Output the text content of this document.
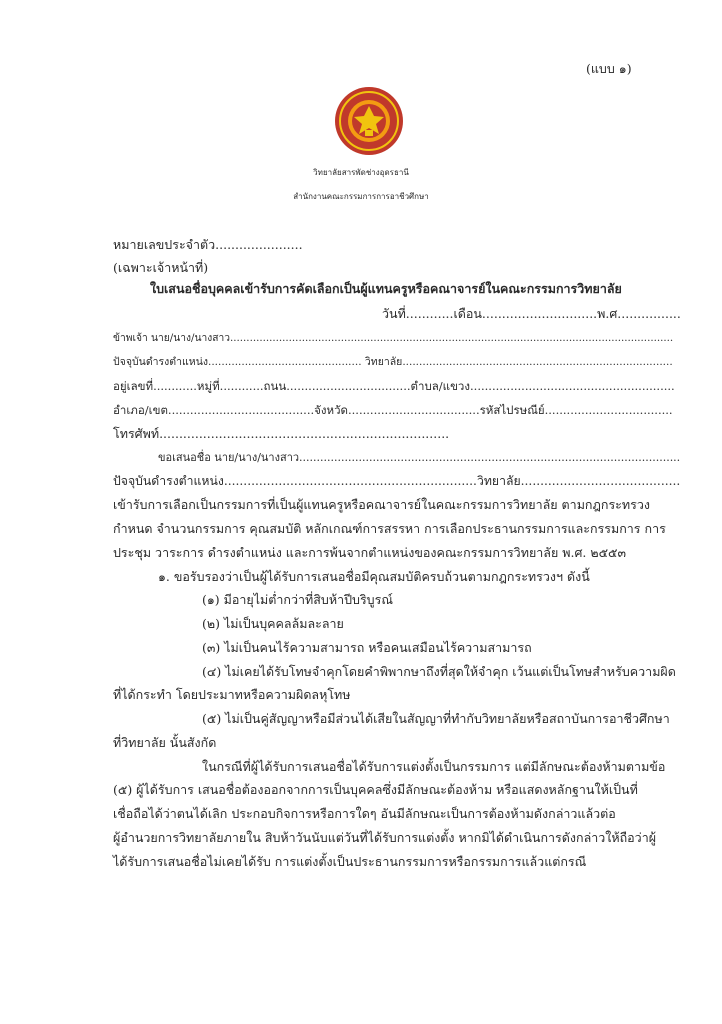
(แบบ ๑)
วิทยาลัยสารพัดช่างอุดรธานี
สำนักงานคณะกรรมการการอาชีวศึกษา
หมายเลขประจำตัว......................
(เฉพาะเจ้าหน้าที่)
ใบเสนอชื่อบุคคลเข้ารับการคัดเลือกเป็นผู้แทนครูหรือคณาจารย์ในคณะกรรมการวิทยาลัย
วันที่............เดือน.............................พ.ศ................
ข้าพเจ้า นาย/นาง/นางสาว........................................................................................................................................
ปัจจุบันดำรงตำแหน่ง.............................................. วิทยาลัย.................................................................................
อยู่เลขที่............หมู่ที่............ถนน..................................ตำบล/แขวง........................................................
อำเภอ/เขต........................................จังหวัด....................................รหัสไปรษณีย์...................................
โทรศัพท์.........................................................................
ขอเสนอชื่อ นาย/นาง/นางสาว.............................................................................................................
ปัจจุบันดำรงตำแหน่ง.................................................................วิทยาลัย.........................................
เข้ารับการเลือกเป็นกรรมการที่เป็นผู้แทนครูหรือคณาจารย์ในคณะกรรมการวิทยาลัย ตามกฎกระทรวง
กำหนด จำนวนกรรมการ คุณสมบัติ หลักเกณฑ์การสรรหา การเลือกประธานกรรมการและกรรมการ การ
ประชุม วาระการ ดำรงตำแหน่ง และการพ้นจากตำแหน่งของคณะกรรมการวิทยาลัย พ.ศ. ๒๕๕๓
๑. ขอรับรองว่าเป็นผู้ได้รับการเสนอชื่อมีคุณสมบัติครบถ้วนตามกฎกระทรวงฯ ดังนี้
(๑) มีอายุไม่ต่ำกว่าที่สิบห้าปีบริบูรณ์
(๒) ไม่เป็นบุคคลล้มละลาย
(๓) ไม่เป็นคนไร้ความสามารถ หรือคนเสมือนไร้ความสามารถ
(๔) ไม่เคยได้รับโทษจำคุกโดยคำพิพากษาถึงที่สุดให้จำคุก เว้นแต่เป็นโทษสำหรับความผิด
ที่ได้กระทำ โดยประมาทหรือความผิดลหุโทษ
(๕) ไม่เป็นคู่สัญญาหรือมีส่วนได้เสียในสัญญาที่ทำกับวิทยาลัยหรือสถาบันการอาชีวศึกษา
ที่วิทยาลัย นั้นสังกัด
ในกรณีที่ผู้ได้รับการเสนอชื่อได้รับการแต่งตั้งเป็นกรรมการ แต่มีลักษณะต้องห้ามตามข้อ
(๕) ผู้ได้รับการ เสนอชื่อต้องออกจากการเป็นบุคคลซึ่งมีลักษณะต้องห้าม หรือแสดงหลักฐานให้เป็นที่
เชื่อถือได้ว่าตนได้เลิก ประกอบกิจการหรือการใดๆ อันมีลักษณะเป็นการต้องห้ามดังกล่าวแล้วต่อ
ผู้อำนวยการวิทยาลัยภายใน สิบห้าวันนับแต่วันที่ได้รับการแต่งตั้ง หากมิได้ดำเนินการดังกล่าวให้ถือว่าผู้
ได้รับการเสนอชื่อไม่เคยได้รับ การแต่งตั้งเป็นประธานกรรมการหรือกรรมการแล้วแต่กรณี
